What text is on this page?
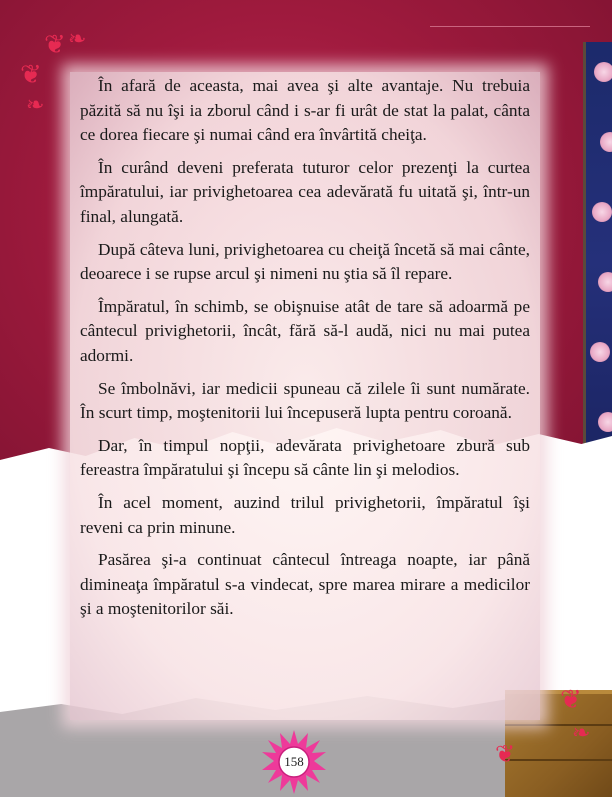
❦ ❧
❦
❧
❦
❧
❦

În afară de aceasta, mai avea şi alte avantaje. Nu trebuia păzită să nu îşi ia zborul când i s-ar fi urât de stat la palat, cânta ce dorea fiecare şi numai când era învârtită cheiţa.

În curând deveni preferata tuturor celor prezenţi la curtea împăratului, iar privighetoarea cea adevărată fu uitată şi, într-un final, alungată.

După câteva luni, privighetoarea cu cheiţă încetă să mai cânte, deoarece i se rupse arcul şi nimeni nu ştia să îl repare.

Împăratul, în schimb, se obişnuise atât de tare să adoarmă pe cântecul privighetorii, încât, fără să-l audă, nici nu mai putea adormi.

Se îmbolnăvi, iar medicii spuneau că zilele îi sunt numărate. În scurt timp, moştenitorii lui începuseră lupta pentru coroană.

Dar, în timpul nopţii, adevărata privighetoare zbură sub fereastra împăratului şi începu să cânte lin şi melodios.

În acel moment, auzind trilul privighetorii, împăratul îşi reveni ca prin minune.

Pasărea şi-a continuat cântecul întreaga noapte, iar până dimineaţa împăratul s-a vindecat, spre marea mirare a medicilor şi a moştenitorilor săi.

158
